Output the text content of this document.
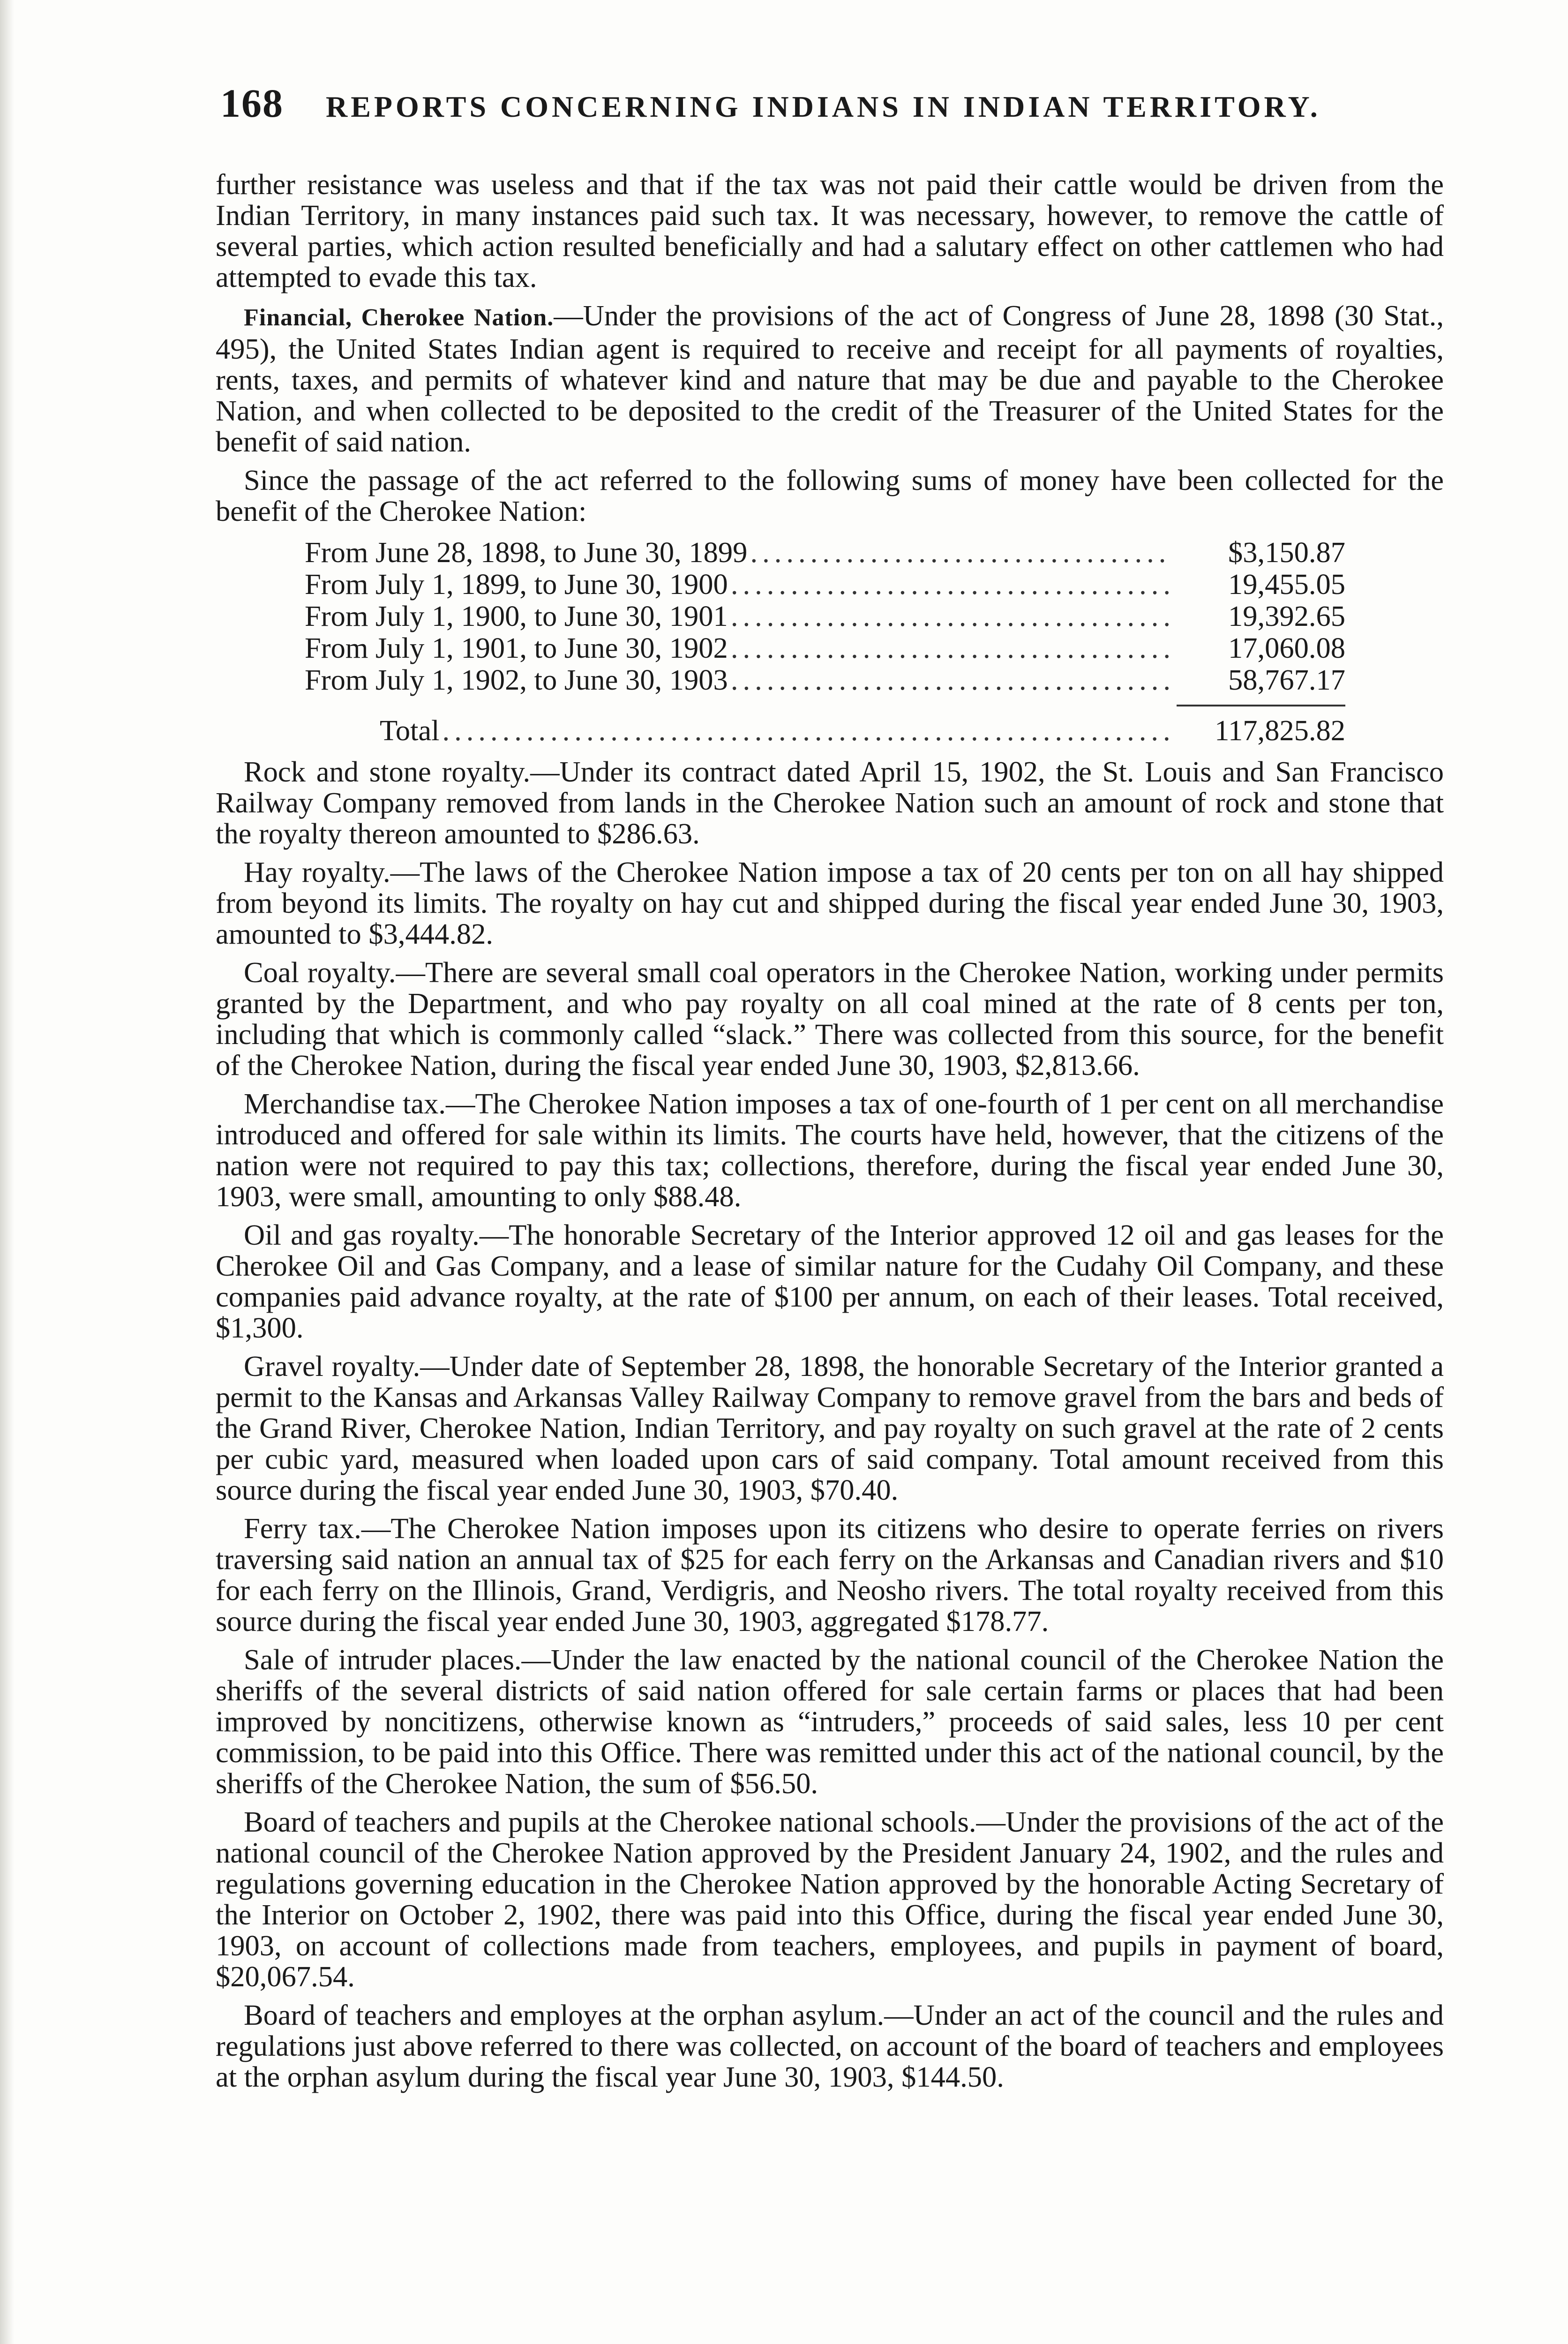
168 REPORTS CONCERNING INDIANS IN INDIAN TERRITORY.

further resistance was useless and that if the tax was not paid their cattle would be driven from the Indian Territory, in many instances paid such tax. It was necessary, however, to remove the cattle of several parties, which action resulted beneficially and had a salutary effect on other cattlemen who had attempted to evade this tax.

Financial, Cherokee Nation.—Under the provisions of the act of Congress of June 28, 1898 (30 Stat., 495), the United States Indian agent is required to receive and receipt for all payments of royalties, rents, taxes, and permits of whatever kind and nature that may be due and payable to the Cherokee Nation, and when collected to be deposited to the credit of the Treasurer of the United States for the benefit of said nation.

Since the passage of the act referred to the following sums of money have been collected for the benefit of the Cherokee Nation:

From June 28, 1898, to June 30, 1899 .....	$3,150.87
From July 1, 1899, to June 30, 1900 .....	19,455.05
From July 1, 1900, to June 30, 1901 .....	19,392.65
From July 1, 1901, to June 30, 1902 .....	17,060.08
From July 1, 1902, to June 30, 1903 .....	58,767.17
Total .....	117,825.82

Rock and stone royalty.—Under its contract dated April 15, 1902, the St. Louis and San Francisco Railway Company removed from lands in the Cherokee Nation such an amount of rock and stone that the royalty thereon amounted to $286.63.

Hay royalty.—The laws of the Cherokee Nation impose a tax of 20 cents per ton on all hay shipped from beyond its limits. The royalty on hay cut and shipped during the fiscal year ended June 30, 1903, amounted to $3,444.82.

Coal royalty.—There are several small coal operators in the Cherokee Nation, working under permits granted by the Department, and who pay royalty on all coal mined at the rate of 8 cents per ton, including that which is commonly called “slack.” There was collected from this source, for the benefit of the Cherokee Nation, during the fiscal year ended June 30, 1903, $2,813.66.

Merchandise tax.—The Cherokee Nation imposes a tax of one-fourth of 1 per cent on all merchandise introduced and offered for sale within its limits. The courts have held, however, that the citizens of the nation were not required to pay this tax; collections, therefore, during the fiscal year ended June 30, 1903, were small, amounting to only $88.48.

Oil and gas royalty.—The honorable Secretary of the Interior approved 12 oil and gas leases for the Cherokee Oil and Gas Company, and a lease of similar nature for the Cudahy Oil Company, and these companies paid advance royalty, at the rate of $100 per annum, on each of their leases. Total received, $1,300.

Gravel royalty.—Under date of September 28, 1898, the honorable Secretary of the Interior granted a permit to the Kansas and Arkansas Valley Railway Company to remove gravel from the bars and beds of the Grand River, Cherokee Nation, Indian Territory, and pay royalty on such gravel at the rate of 2 cents per cubic yard, measured when loaded upon cars of said company. Total amount received from this source during the fiscal year ended June 30, 1903, $70.40.

Ferry tax.—The Cherokee Nation imposes upon its citizens who desire to operate ferries on rivers traversing said nation an annual tax of $25 for each ferry on the Arkansas and Canadian rivers and $10 for each ferry on the Illinois, Grand, Verdigris, and Neosho rivers. The total royalty received from this source during the fiscal year ended June 30, 1903, aggregated $178.77.

Sale of intruder places.—Under the law enacted by the national council of the Cherokee Nation the sheriffs of the several districts of said nation offered for sale certain farms or places that had been improved by noncitizens, otherwise known as “intruders,” proceeds of said sales, less 10 per cent commission, to be paid into this Office. There was remitted under this act of the national council, by the sheriffs of the Cherokee Nation, the sum of $56.50.

Board of teachers and pupils at the Cherokee national schools.—Under the provisions of the act of the national council of the Cherokee Nation approved by the President January 24, 1902, and the rules and regulations governing education in the Cherokee Nation approved by the honorable Acting Secretary of the Interior on October 2, 1902, there was paid into this Office, during the fiscal year ended June 30, 1903, on account of collections made from teachers, employees, and pupils in payment of board, $20,067.54.

Board of teachers and employes at the orphan asylum.—Under an act of the council and the rules and regulations just above referred to there was collected, on account of the board of teachers and employees at the orphan asylum during the fiscal year June 30, 1903, $144.50.
